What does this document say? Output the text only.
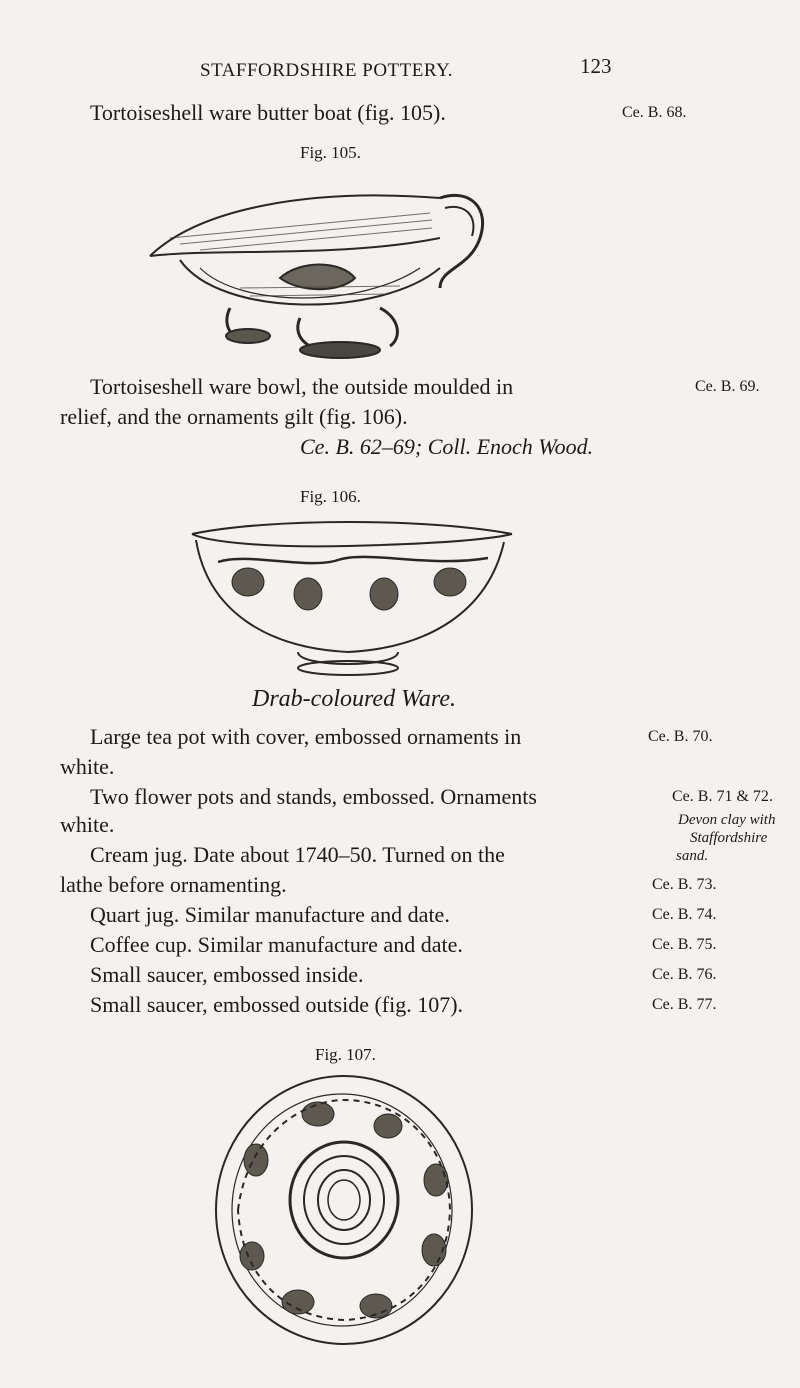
STAFFORDSHIRE POTTERY.	123
Tortoiseshell ware butter boat (fig. 105).	Ce. B. 68.
Fig. 105.
Tortoiseshell ware bowl, the outside moulded in	Ce. B. 69.
relief, and the ornaments gilt (fig. 106).
Ce. B. 62–69; Coll. Enoch Wood.
Fig. 106.
Drab-coloured Ware.
Large tea pot with cover, embossed ornaments in	Ce. B. 70.
white.
Two flower pots and stands, embossed. Ornaments	Ce. B. 71 & 72.
white.	Devon clay with
Staffordshire
sand.
Cream jug. Date about 1740–50. Turned on the
lathe before ornamenting.	Ce. B. 73.
Quart jug. Similar manufacture and date.	Ce. B. 74.
Coffee cup. Similar manufacture and date.	Ce. B. 75.
Small saucer, embossed inside.	Ce. B. 76.
Small saucer, embossed outside (fig. 107).	Ce. B. 77.
Fig. 107.
